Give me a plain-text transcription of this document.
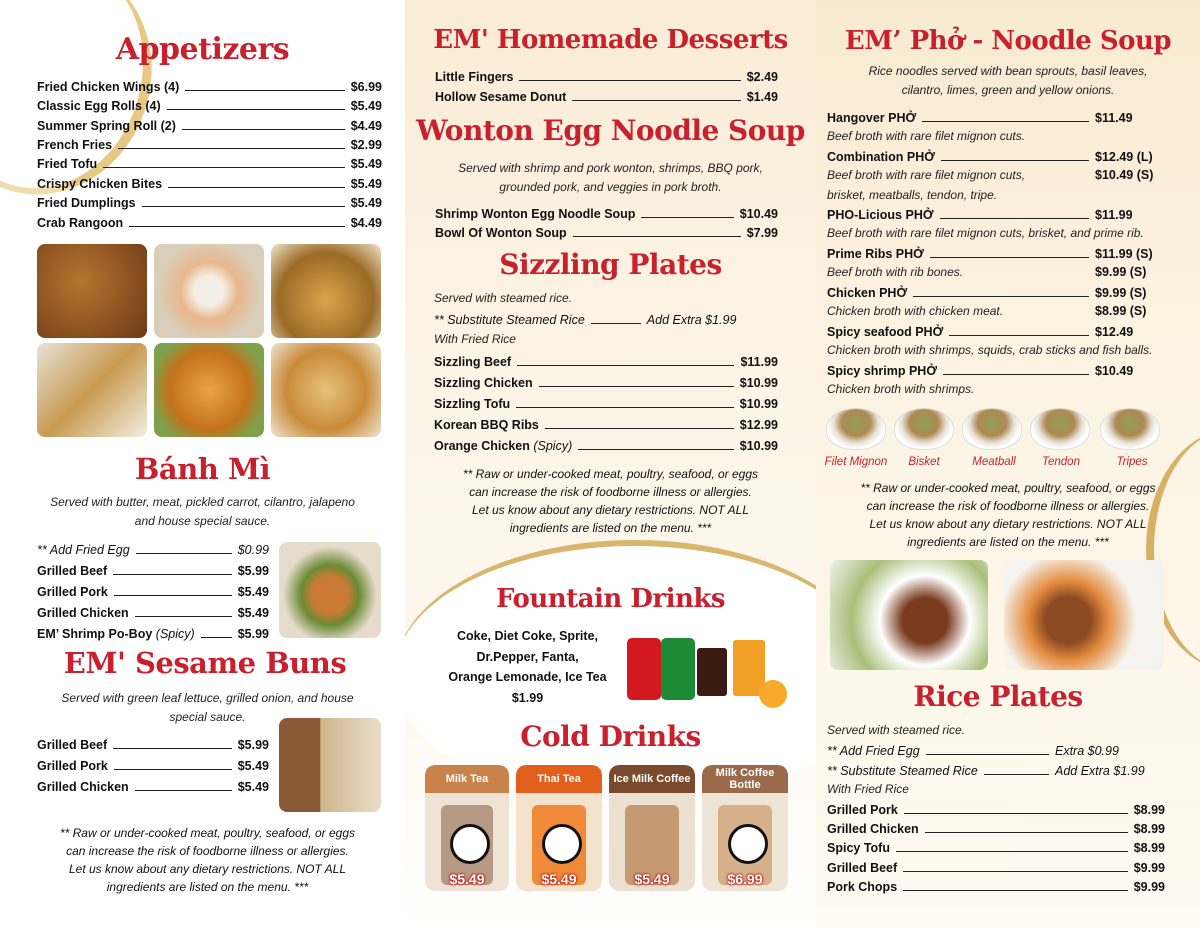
Appetizers
Fried Chicken Wings (4)	$6.99
Classic Egg Rolls (4)	$5.49
Summer Spring Roll (2)	$4.49
French Fries	$2.99
Fried Tofu	$5.49
Crispy Chicken Bites	$5.49
Fried Dumplings	$5.49
Crab Rangoon	$4.49
Bánh Mì
Served with butter, meat, pickled carrot, cilantro, jalapeno
and house special sauce.
** Add Fried Egg	$0.99
Grilled Beef	$5.99
Grilled Pork	$5.49
Grilled Chicken	$5.49
EM’ Shrimp Po-Boy (Spicy)	$5.99
EM' Sesame Buns
Served with green leaf lettuce, grilled onion, and house
special sauce.
Grilled Beef	$5.99
Grilled Pork	$5.49
Grilled Chicken	$5.49
** Raw or under-cooked meat, poultry, seafood, or eggs
can increase the risk of foodborne illness or allergies.
Let us know about any dietary restrictions. NOT ALL
ingredients are listed on the menu. ***
EM' Homemade Desserts
Little Fingers	$2.49
Hollow Sesame Donut	$1.49
Wonton Egg Noodle Soup
Served with shrimp and pork wonton, shrimps, BBQ pork,
grounded pork, and veggies in pork broth.
Shrimp Wonton Egg Noodle Soup	$10.49
Bowl Of Wonton Soup	$7.99
Sizzling Plates
Served with steamed rice.
** Substitute Steamed Rice	Add Extra $1.99
With Fried Rice
Sizzling Beef	$11.99
Sizzling Chicken	$10.99
Sizzling Tofu	$10.99
Korean BBQ Ribs	$12.99
Orange Chicken (Spicy)	$10.99
** Raw or under-cooked meat, poultry, seafood, or eggs
can increase the risk of foodborne illness or allergies.
Let us know about any dietary restrictions. NOT ALL
ingredients are listed on the menu. ***
Fountain Drinks
Coke, Diet Coke, Sprite,
Dr.Pepper, Fanta,
Orange Lemonade, Ice Tea
$1.99
Cold Drinks
Milk Tea
$5.49
Thai Tea
$5.49
Ice Milk Coffee
$5.49
Milk Coffee Bottle
$6.99
EM’ Phở - Noodle Soup
Rice noodles served with bean sprouts, basil leaves,
cilantro, limes, green and yellow onions.
Hangover PHỞ	$11.49
Beef broth with rare filet mignon cuts.
Combination PHỞ	$12.49 (L)
Beef broth with rare filet mignon cuts,	$10.49 (S)
brisket, meatballs, tendon, tripe.
PHO-Licious PHỞ	$11.99
Beef broth with rare filet mignon cuts, brisket, and prime rib.
Prime Ribs PHỞ	$11.99 (S)
Beef broth with rib bones.	$9.99 (S)
Chicken PHỞ	$9.99 (S)
Chicken broth with chicken meat.	$8.99 (S)
Spicy seafood PHỞ	$12.49
Chicken broth with shrimps, squids, crab sticks and fish balls.
Spicy shrimp PHỞ	$10.49
Chicken broth with shrimps.
Filet Mignon	Bisket	Meatball	Tendon	Tripes
** Raw or under-cooked meat, poultry, seafood, or eggs
can increase the risk of foodborne illness or allergies.
Let us know about any dietary restrictions. NOT ALL
ingredients are listed on the menu. ***
Rice Plates
Served with steamed rice.
** Add Fried Egg	Extra $0.99
** Substitute Steamed Rice	Add Extra $1.99
With Fried Rice
Grilled Pork	$8.99
Grilled Chicken	$8.99
Spicy Tofu	$8.99
Grilled Beef	$9.99
Pork Chops	$9.99
